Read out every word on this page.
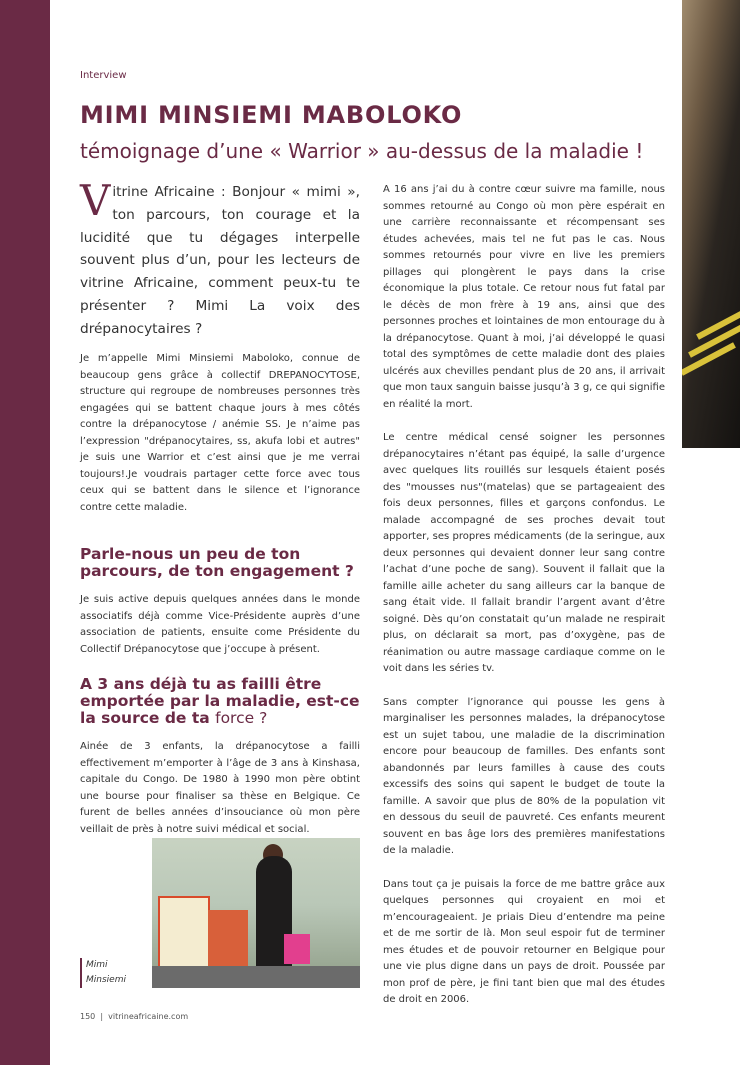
Interview
MIMI MINSIEMI MABOLOKO
témoignage d’une « Warrior » au-dessus de la maladie !
Vitrine Africaine : Bonjour « mimi », ton parcours, ton courage et la lucidité que tu dégages interpelle souvent plus d’un, pour les lecteurs de vitrine Africaine, comment peux-tu te présenter ? Mimi La voix des drépanocytaires ?

Je m’appelle Mimi Minsiemi Maboloko, connue de beaucoup gens grâce à collectif DREPANOCYTOSE, structure qui regroupe de nombreuses personnes très engagées qui se battent chaque jours à mes côtés contre la drépanocytose / anémie SS. Je n’aime pas l’expression "drépanocytaires, ss, akufa lobi et autres" je suis une Warrior et c’est ainsi que je me verrai toujours!.Je voudrais partager cette force avec tous ceux qui se battent dans le silence et l’ignorance contre cette maladie.

Parle-nous un peu de ton parcours, de ton engagement ?

Je suis active depuis quelques années dans le monde associatifs déjà comme Vice-Présidente auprès d’une association de patients, ensuite come Présidente du Collectif Drépanocytose que j’occupe à présent.

A 3 ans déjà tu as failli être emportée par la maladie, est-ce la source de ta force ?

Ainée de 3 enfants, la drépanocytose a failli effectivement m’emporter à l’âge de 3 ans à Kinshasa, capitale du Congo. De 1980 à 1990 mon père obtint une bourse pour finaliser sa thèse en Belgique. Ce furent de belles années d’insouciance où mon père veillait de près à notre suivi médical et social.

A 16 ans j’ai du à contre cœur suivre ma famille, nous sommes retourné au Congo où mon père espérait en une carrière reconnaissante et récompensant ses études achevées, mais tel ne fut pas le cas. Nous sommes retournés pour vivre en live les premiers pillages qui plongèrent le pays dans la crise économique la plus totale. Ce retour nous fut fatal par le décès de mon frère à 19 ans, ainsi que des personnes proches et lointaines de mon entourage du à la drépanocytose. Quant à moi, j’ai développé le quasi total des symptômes de cette maladie dont des plaies ulcérés aux chevilles pendant plus de 20 ans, il arrivait que mon taux sanguin baisse jusqu’à 3 g, ce qui signifie en réalité la mort.

Le centre médical censé soigner les personnes drépanocytaires n’étant pas équipé, la salle d’urgence avec quelques lits rouillés sur lesquels étaient posés des "mousses nus"(matelas) que se partageaient des fois deux personnes, filles et garçons confondus. Le malade accompagné de ses proches devait tout apporter, ses propres médicaments (de la seringue, aux deux personnes qui devaient donner leur sang contre l’achat d’une poche de sang). Souvent il fallait que la famille aille acheter du sang ailleurs car la banque de sang était vide. Il fallait brandir l’argent avant d’être soigné. Dès qu’on constatait qu’un malade ne respirait plus, on déclarait sa mort, pas d’oxygène, pas de réanimation ou autre massage cardiaque comme on le voit dans les séries tv.

Sans compter l’ignorance qui pousse les gens à marginaliser les personnes malades, la drépanocytose est un sujet tabou, une maladie de la discrimination encore pour beaucoup de familles. Des enfants sont abandonnés par leurs familles à cause des couts excessifs des soins qui sapent le budget de toute la famille. A savoir que plus de 80% de la population vit en dessous du seuil de pauvreté. Ces enfants meurent souvent en bas âge lors des premières manifestations de la maladie.

Dans tout ça je puisais la force de me battre grâce aux quelques personnes qui croyaient en moi et m’encourageaient. Je priais Dieu d’entendre ma peine et de me sortir de là. Mon seul espoir fut de terminer mes études et de pouvoir retourner en Belgique pour une vie plus digne dans un pays de droit. Poussée par mon prof de père, je fini tant bien que mal des études de droit en 2006.

Mimi
Minsiemi
150 | vitrineafricaine.com
